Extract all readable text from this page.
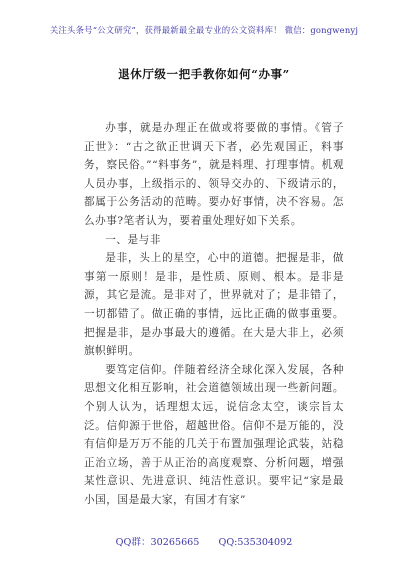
关注头条号“公文研究”，获得最新最全最专业的公文资料库！ 微信：gongwenyj
退休厅级一把手教你如何“办事”

办事，就是办理正在做或将要做的事情。《管子正世》：“古之欲正世调天下者，必先观国正，料事务，察民俗。”“料事务”，就是料理、打理事情。机观人员办事，上级指示的、领导交办的、下级请示的，都属于公务活动的范畴。要办好事情，决不容易。怎么办事?笔者认为，要着重处理好如下关系。

一、是与非

是非，头上的星空，心中的道德。把握是非，做事第一原则！是非，是性质、原则、根本。是非是源，其它是流。是非对了，世界就对了；是非错了，一切都错了。做正确的事情，远比正确的做事重要。把握是非，是办事最大的遵循。在大是大非上，必须旗帜鲜明。

要笃定信仰。伴随着经济全球化深入发展，各种思想文化相互影响，社会道德领域出现一些新问题。个别人认为，话理想太远，说信念太空，谈宗旨太泛。信仰源于世俗，超越世俗。信仰不是万能的，没有信仰是万万不能的几关于布置加强理论武装，站稳正治立场，善于从正治的高度观察、分析问题，增强某性意识、先进意识、纯洁性意识。要牢记“家是最小国，国是最大家，有国才有家”

QQ群：30265665 QQ:535304092
